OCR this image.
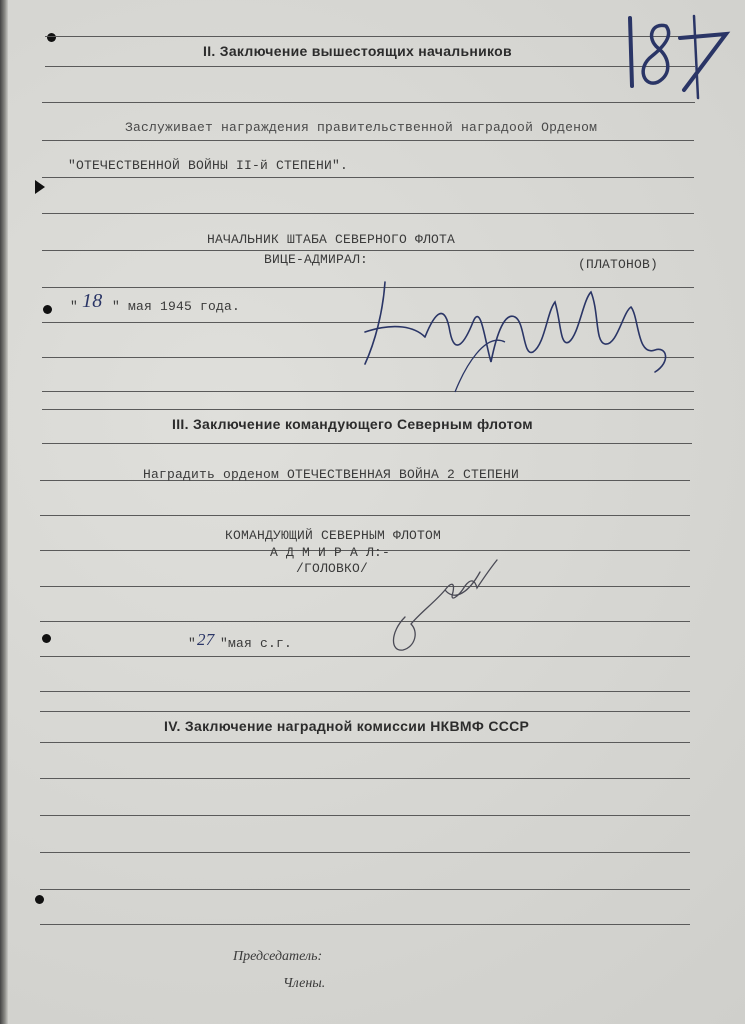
II. Заключение вышестоящих начальников
Заслуживает награждения правительственной наградоой Орденом
"ОТЕЧЕСТВЕННОЙ ВОЙНЫ II-й СТЕПЕНИ".
НАЧАЛЬНИК ШТАБА СЕВЕРНОГО ФЛОТА
ВИЦЕ-АДМИРАЛ:	(ПЛАТОНОВ)
" 18 " мая 1945 года.
III. Заключение командующего Северным флотом
Наградить орденом ОТЕЧЕСТВЕННАЯ ВОЙНА 2 СТЕПЕНИ
КОМАНДУЮЩИЙ СЕВЕРНЫМ ФЛОТОМ
А Д М И Р А Л:-
/ГОЛОВКО/
" 27 "мая с.г.
IV. Заключение наградной комиссии НКВМФ СССР
Председатель:
Члены.
